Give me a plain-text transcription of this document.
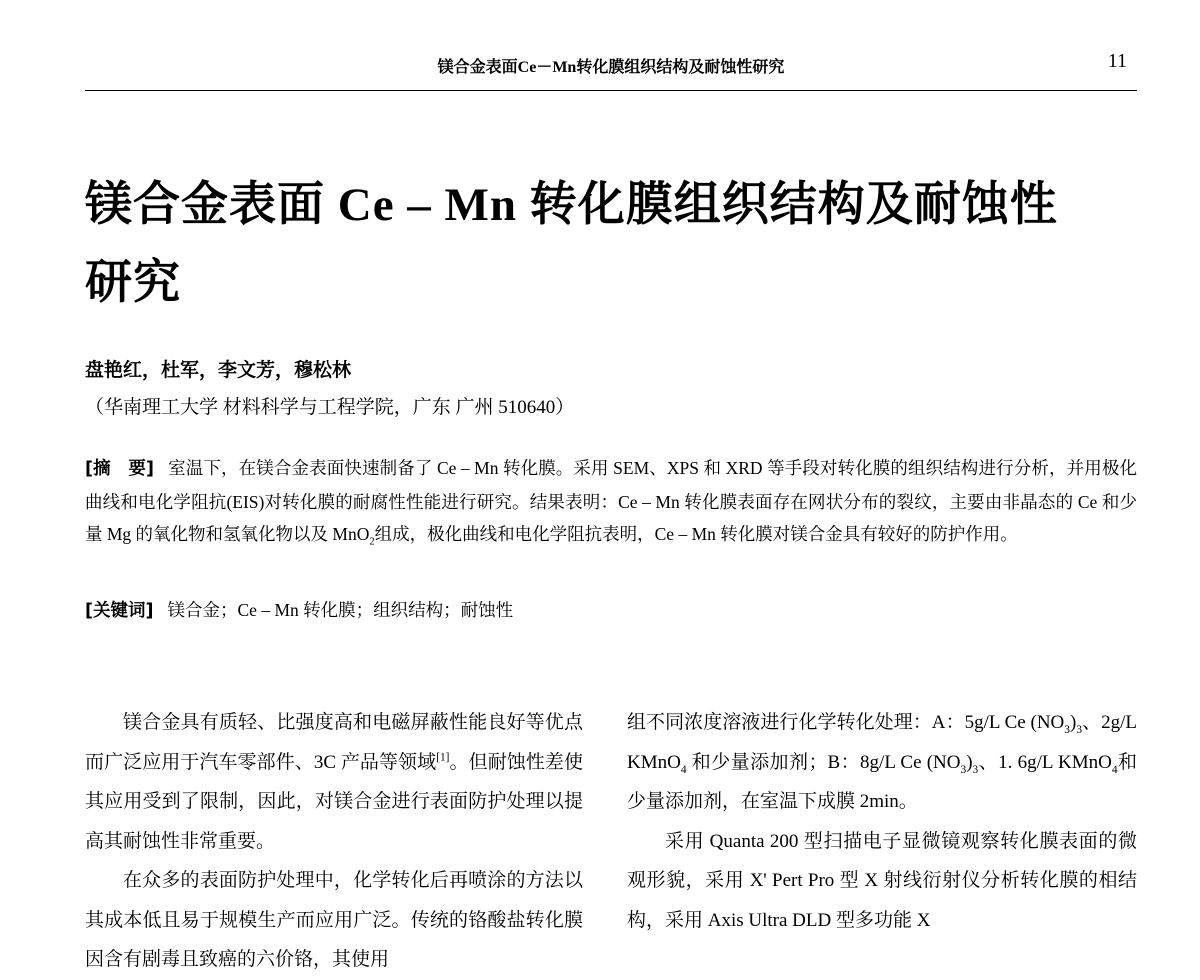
镁合金表面Ce－Mn转化膜组织结构及耐蚀性研究	11
镁合金表面 Ce – Mn 转化膜组织结构及耐蚀性
研究
盘艳红，杜军，李文芳，穆松林
（华南理工大学 材料科学与工程学院，广东 广州 510640）
[摘　要] 室温下，在镁合金表面快速制备了 Ce – Mn 转化膜。采用 SEM、XPS 和 XRD 等手段对转化膜的组织结构进行分析，并用极化曲线和电化学阻抗(EIS)对转化膜的耐腐性性能进行研究。结果表明：Ce – Mn 转化膜表面存在网状分布的裂纹，主要由非晶态的 Ce 和少量 Mg 的氧化物和氢氧化物以及 MnO$_2$组成，极化曲线和电化学阻抗表明，Ce – Mn 转化膜对镁合金具有较好的防护作用。
[关键词] 镁合金；Ce – Mn 转化膜；组织结构；耐蚀性

镁合金具有质轻、比强度高和电磁屏蔽性能良好等优点而广泛应用于汽车零部件、3C 产品等领域[1]。但耐蚀性差使其应用受到了限制，因此，对镁合金进行表面防护处理以提高其耐蚀性非常重要。

在众多的表面防护处理中，化学转化后再喷涂的方法以其成本低且易于规模生产而应用广泛。传统的铬酸盐转化膜因含有剧毒且致癌的六价铬，其使用

组不同浓度溶液进行化学转化处理：A：5g/L Ce $(NO_3)_3$、2g/L KMnO$_4$ 和少量添加剂；B：8g/L Ce $(NO_3)_3$、1. 6g/L KMnO$_4$和少量添加剂，在室温下成膜 2min。

采用 Quanta 200 型扫描电子显微镜观察转化膜表面的微观形貌，采用 X' Pert Pro 型 X 射线衍射仪分析转化膜的相结构，采用 Axis Ultra DLD 型多功能 X
